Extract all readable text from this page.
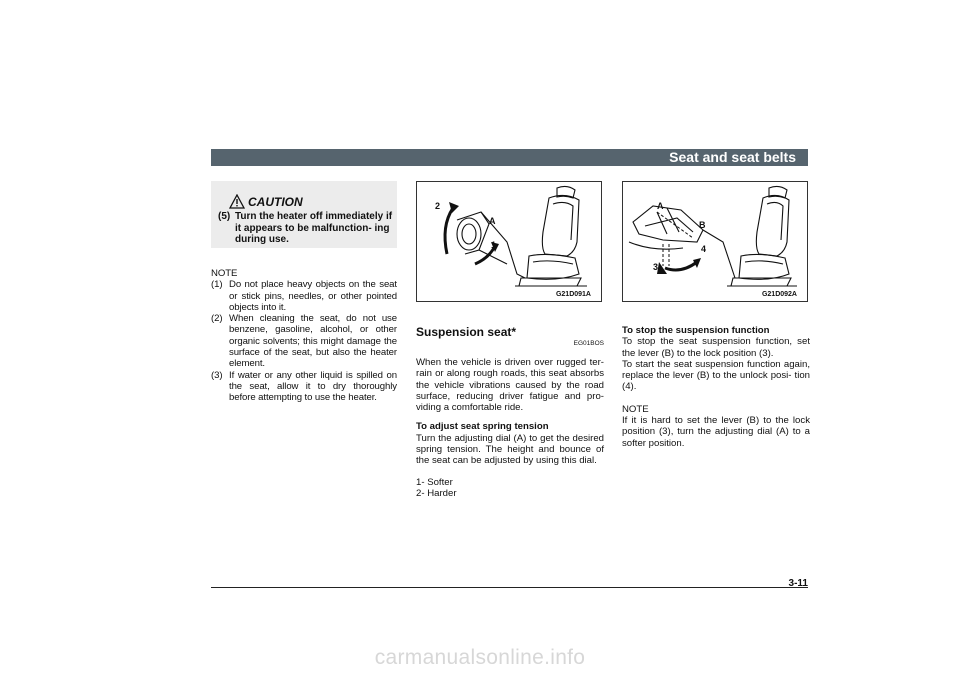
Seat and seat belts
CAUTION
(5) Turn the heater off immediately if it appears to be malfunction- ing during use.
NOTE
(1) Do not place heavy objects on the seat or stick pins, needles, or other pointed objects into it.
(2) When cleaning the seat, do not use benzene, gasoline, alcohol, or other organic solvents; this might damage the surface of the seat, but also the heater element.
(3) If water or any other liquid is spilled on the seat, allow it to dry thoroughly before attempting to use the heater.
2
A
1
G21D091A
A
B
4
3
G21D092A
Suspension seat*
EG01BOS

When the vehicle is driven over rugged ter- rain or along rough roads, this seat absorbs the vehicle vibrations caused by the road surface, reducing driver fatigue and pro- viding a comfortable ride.

To adjust seat spring tension

Turn the adjusting dial (A) to get the desired spring tension. The height and bounce of the seat can be adjusted by using this dial.

1- Softer
2- Harder
To stop the suspension function

To stop the seat suspension function, set the lever (B) to the lock position (3).

To start the seat suspension function again, replace the lever (B) to the unlock posi- tion (4).

NOTE

If it is hard to set the lever (B) to the lock position (3), turn the adjusting dial (A) to a softer position.

3-11
carmanualsonline.info
